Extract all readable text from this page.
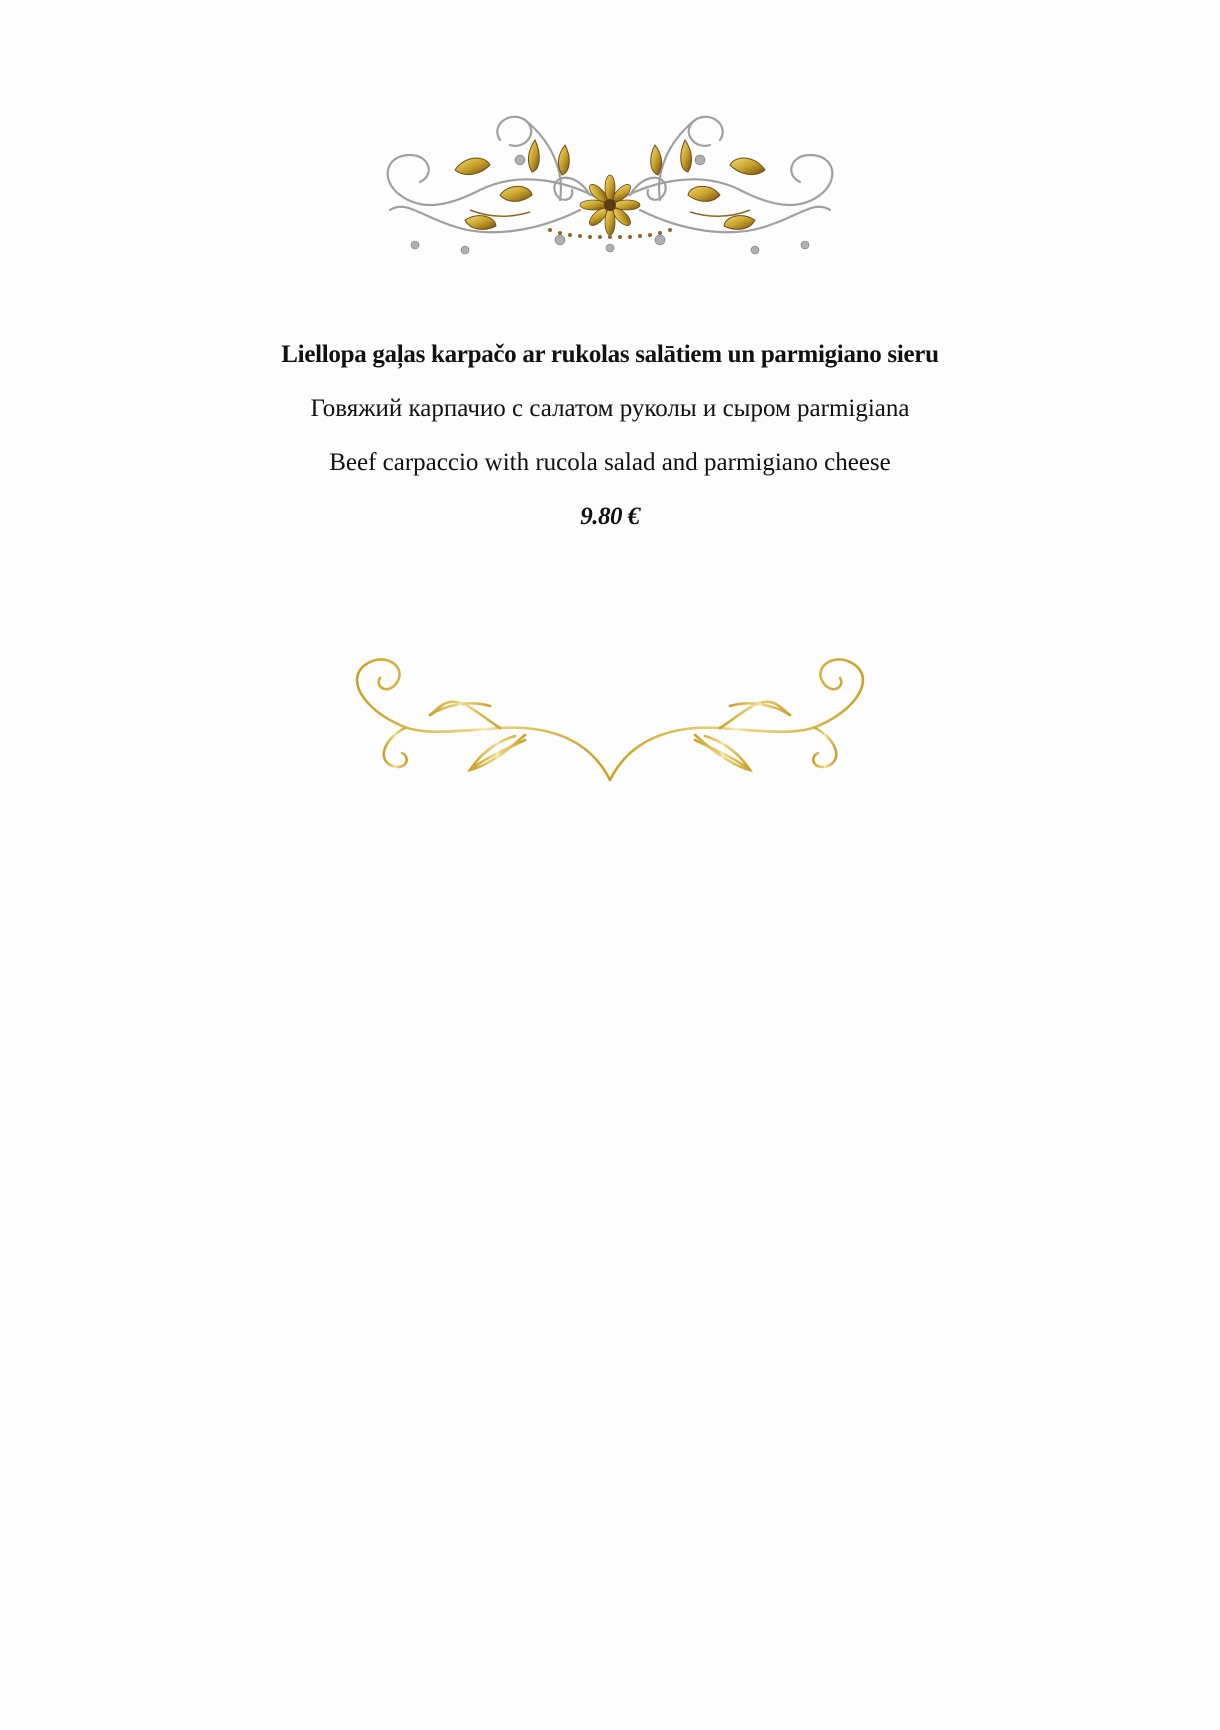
Liellopa gaļas karpačo ar rukolas salātiem un parmigiano sieru
Говяжий карпачио с салатом руколы и сыром parmigiana
Beef carpaccio with rucola salad and parmigiano cheese
9.80 €
